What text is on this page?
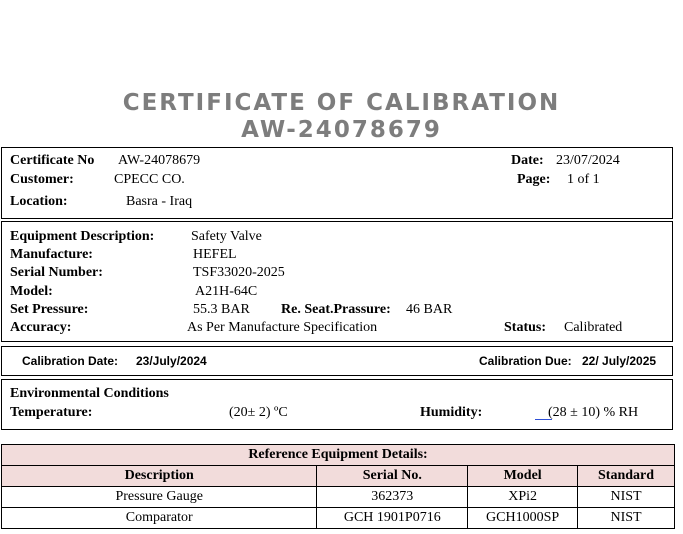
CERTIFICATE OF CALIBRATION
AW-24078679
Certificate No AW-24078679
Customer:	CPECC CO.
Location:	Basra - Iraq
Date: 23/07/2024
Page: 1 of 1
Equipment Description:	Safety Valve
Manufacture:	HEFEL
Serial Number:	TSF33020-2025
Model:	A21H-64C
Set Pressure:	55.3 BAR Re. Seat.Prassure: 46 BAR
Accuracy:	As Per Manufacture Specification	Status: Calibrated
Calibration Date: 23/July/2024	Calibration Due: 22/ July/2025
Environmental Conditions
Temperature:	(20± 2) ºC	Humidity:	(28 ± 10) % RH
Reference Equipment Details:			
Description	Serial No.	Model	Standard
Pressure Gauge	362373	XPi2	NIST
Comparator	GCH 1901P0716	GCH1000SP	NIST
